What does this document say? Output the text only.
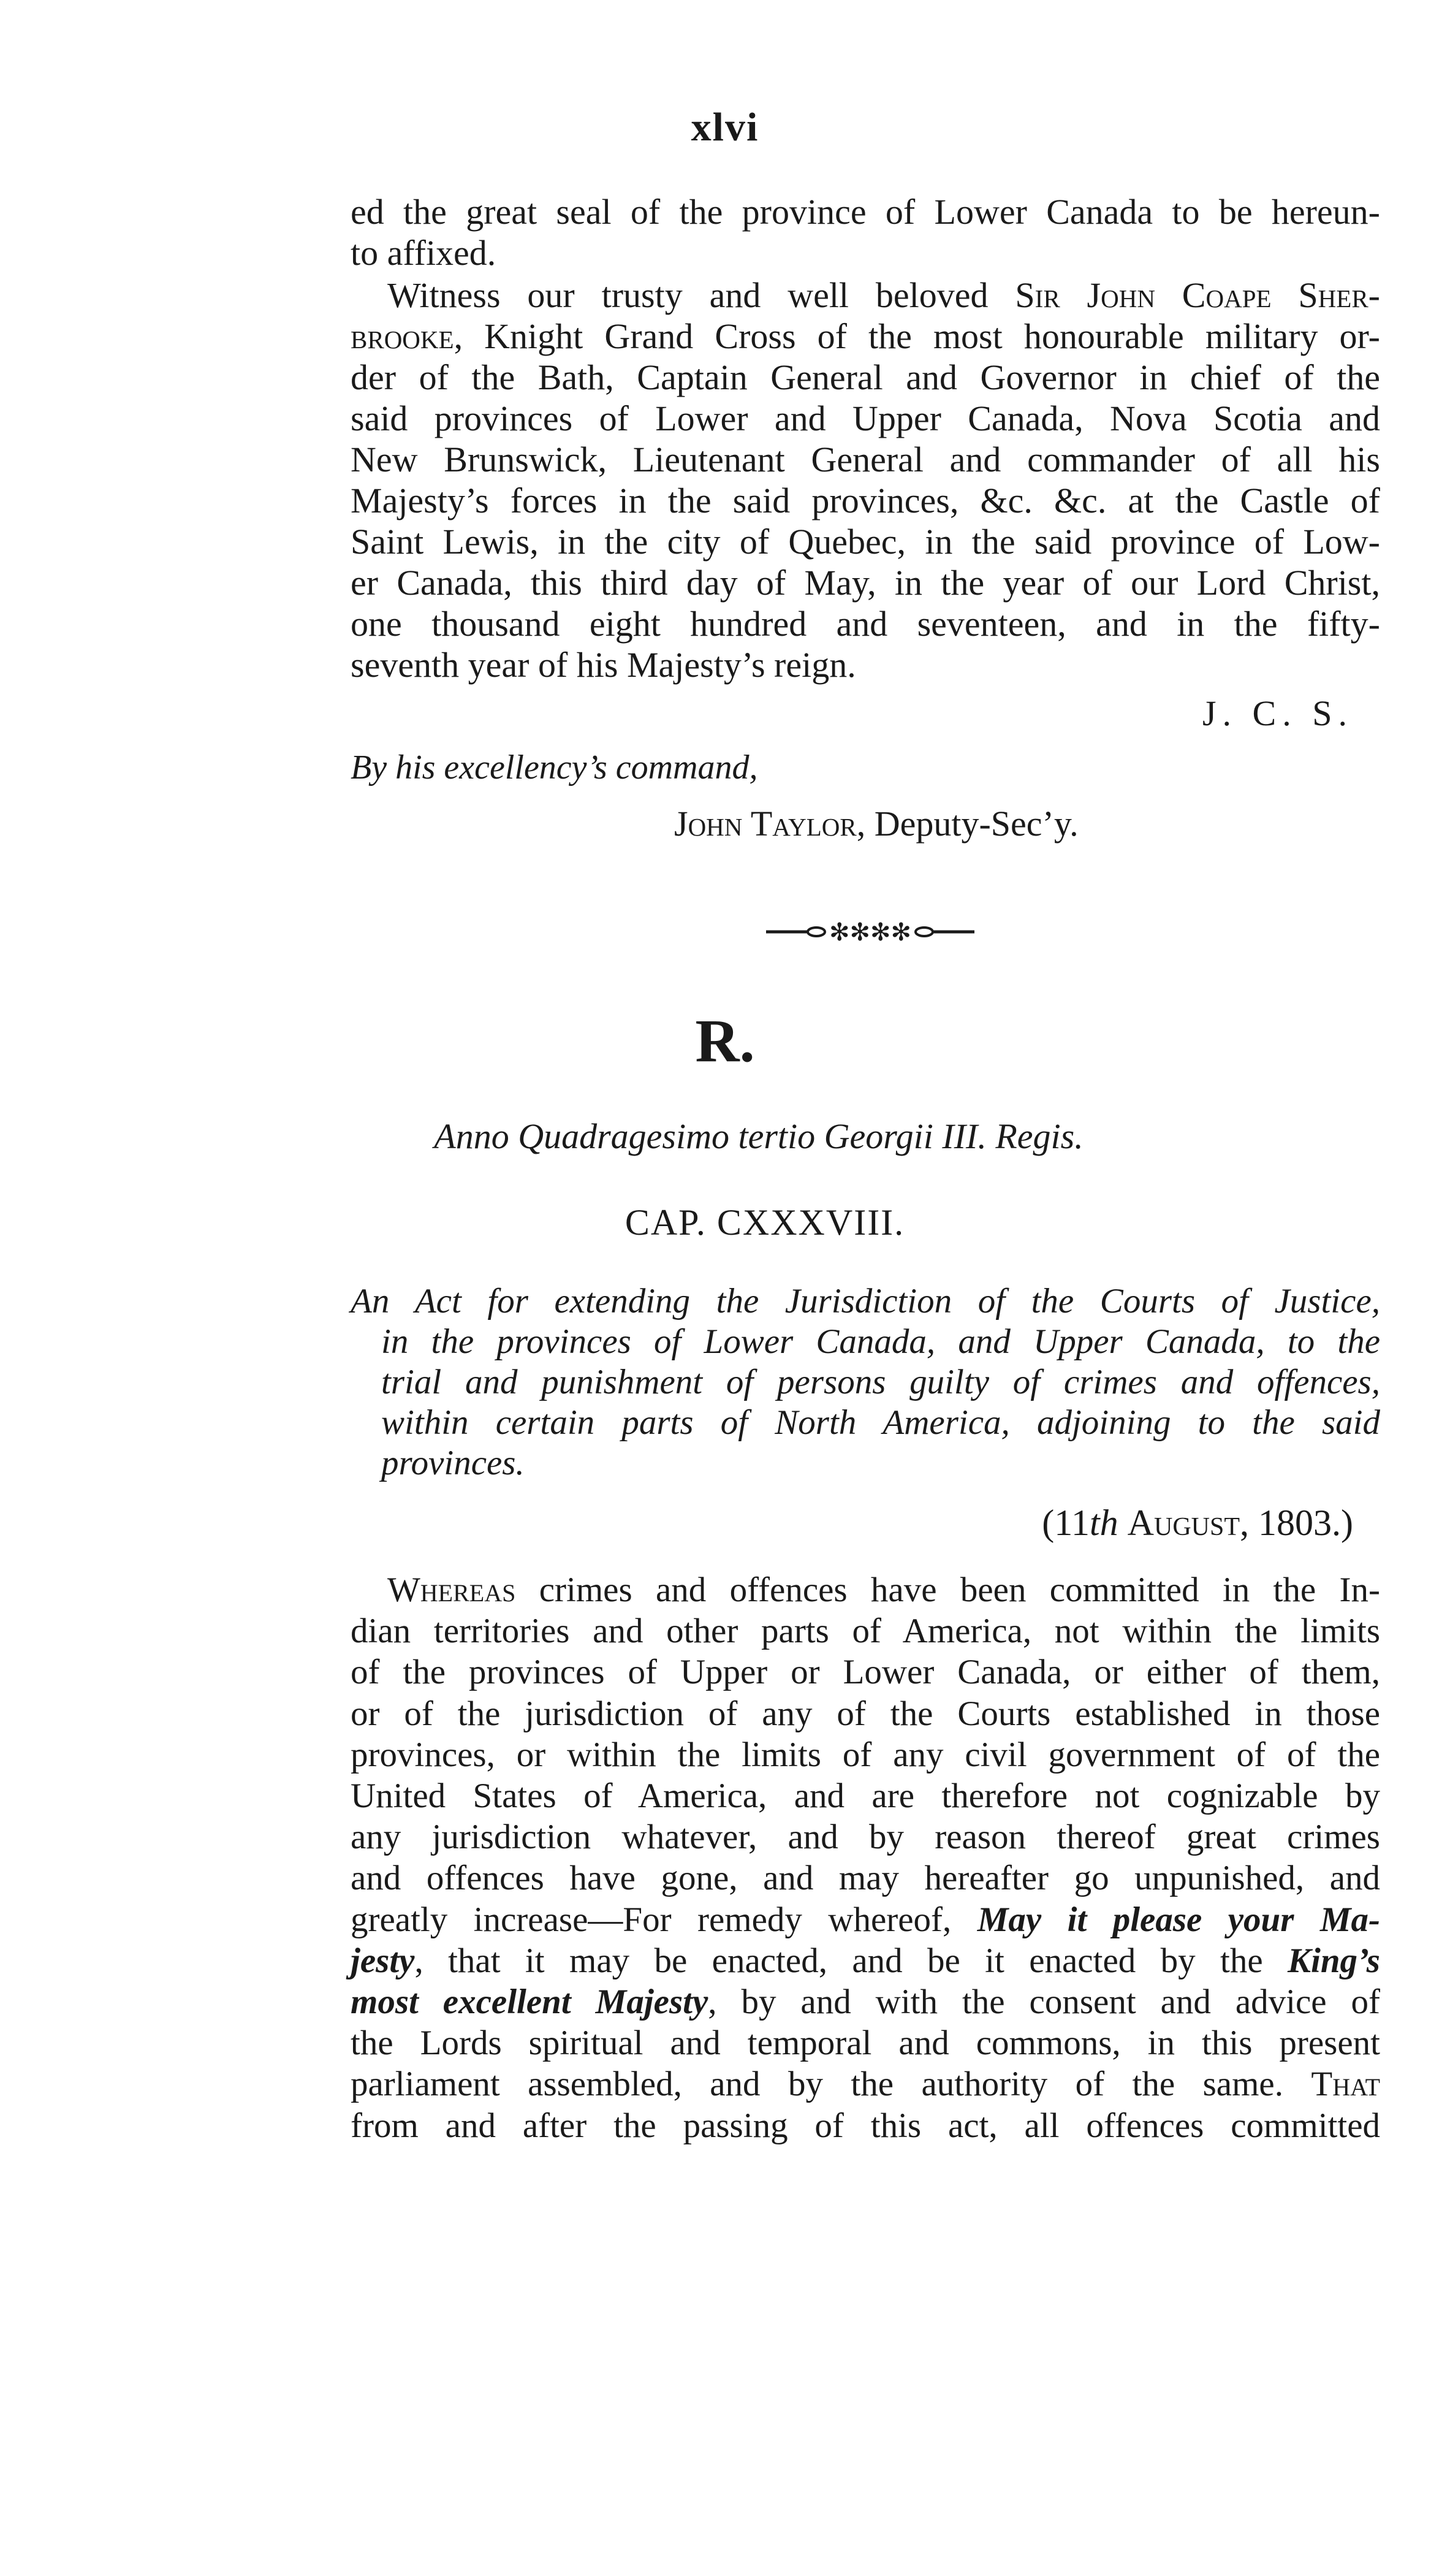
xlvi

ed the great seal of the province of Lower Canada to be hereun-

to affixed.

Witness our trusty and well beloved Sir John Coape Sher-

brooke, Knight Grand Cross of the most honourable military or-

der of the Bath, Captain General and Governor in chief of the

said provinces of Lower and Upper Canada, Nova Scotia and

New Brunswick, Lieutenant General and commander of all his

Majesty’s forces in the said provinces, &c. &c. at the Castle of

Saint Lewis, in the city of Quebec, in the said province of Low-

er Canada, this third day of May, in the year of our Lord Christ,

one thousand eight hundred and seventeen, and in the fifty-

seventh year of his Majesty’s reign.

J. C. S.
By his excellency’s command,
John Taylor, Deputy-Sec’y.
✻✻✻✻
R.
Anno Quadragesimo tertio Georgii III. Regis.
CAP. CXXXVIII.

An Act for extending the Jurisdiction of the Courts of Justice,

in the provinces of Lower Canada, and Upper Canada, to the

trial and punishment of persons guilty of crimes and offences,

within certain parts of North America, adjoining to the said

provinces.

(11th August, 1803.)

Whereas crimes and offences have been committed in the In-

dian territories and other parts of America, not within the limits

of the provinces of Upper or Lower Canada, or either of them,

or of the jurisdiction of any of the Courts established in those

provinces, or within the limits of any civil government of of the

United States of America, and are therefore not cognizable by

any jurisdiction whatever, and by reason thereof great crimes

and offences have gone, and may hereafter go unpunished, and

greatly increase—For remedy whereof, May it please your Ma-

jesty, that it may be enacted, and be it enacted by the King’s

most excellent Majesty, by and with the consent and advice of

the Lords spiritual and temporal and commons, in this present

parliament assembled, and by the authority of the same. That

from and after the passing of this act, all offences committed
